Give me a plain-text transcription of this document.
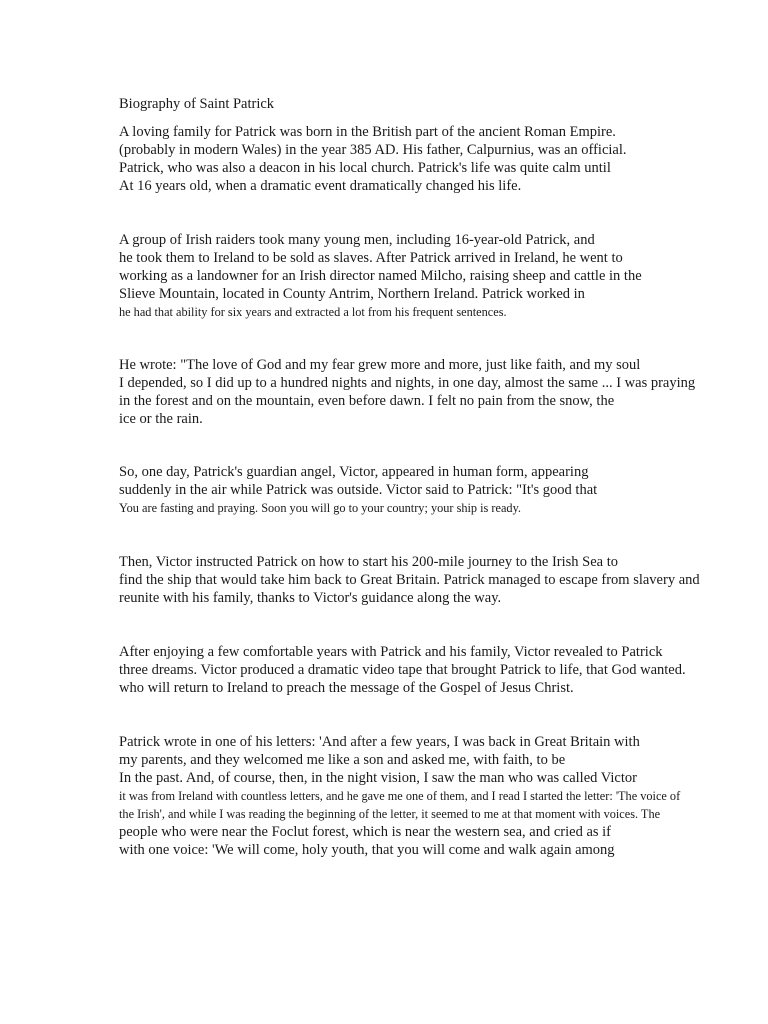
Biography of Saint Patrick
A loving family for Patrick was born in the British part of the ancient Roman Empire.
(probably in modern Wales) in the year 385 AD. His father, Calpurnius, was an official.
Patrick, who was also a deacon in his local church. Patrick's life was quite calm until
At 16 years old, when a dramatic event dramatically changed his life.
A group of Irish raiders took many young men, including 16-year-old Patrick, and
he took them to Ireland to be sold as slaves. After Patrick arrived in Ireland, he went to
working as a landowner for an Irish director named Milcho, raising sheep and cattle in the
Slieve Mountain, located in County Antrim, Northern Ireland. Patrick worked in
he had that ability for six years and extracted a lot from his frequent sentences.
He wrote: "The love of God and my fear grew more and more, just like faith, and my soul
I depended, so I did up to a hundred nights and nights, in one day, almost the same ... I was praying
in the forest and on the mountain, even before dawn. I felt no pain from the snow, the
ice or the rain.
So, one day, Patrick's guardian angel, Victor, appeared in human form, appearing
suddenly in the air while Patrick was outside. Victor said to Patrick: "It's good that
You are fasting and praying. Soon you will go to your country; your ship is ready.
Then, Victor instructed Patrick on how to start his 200-mile journey to the Irish Sea to
find the ship that would take him back to Great Britain. Patrick managed to escape from slavery and
reunite with his family, thanks to Victor's guidance along the way.
After enjoying a few comfortable years with Patrick and his family, Victor revealed to Patrick
three dreams. Victor produced a dramatic video tape that brought Patrick to life, that God wanted.
who will return to Ireland to preach the message of the Gospel of Jesus Christ.
Patrick wrote in one of his letters: 'And after a few years, I was back in Great Britain with
my parents, and they welcomed me like a son and asked me, with faith, to be
In the past. And, of course, then, in the night vision, I saw the man who was called Victor
it was from Ireland with countless letters, and he gave me one of them, and I read I started the letter: 'The voice of
the Irish', and while I was reading the beginning of the letter, it seemed to me at that moment with voices. The
people who were near the Foclut forest, which is near the western sea, and cried as if
with one voice: 'We will come, holy youth, that you will come and walk again among
